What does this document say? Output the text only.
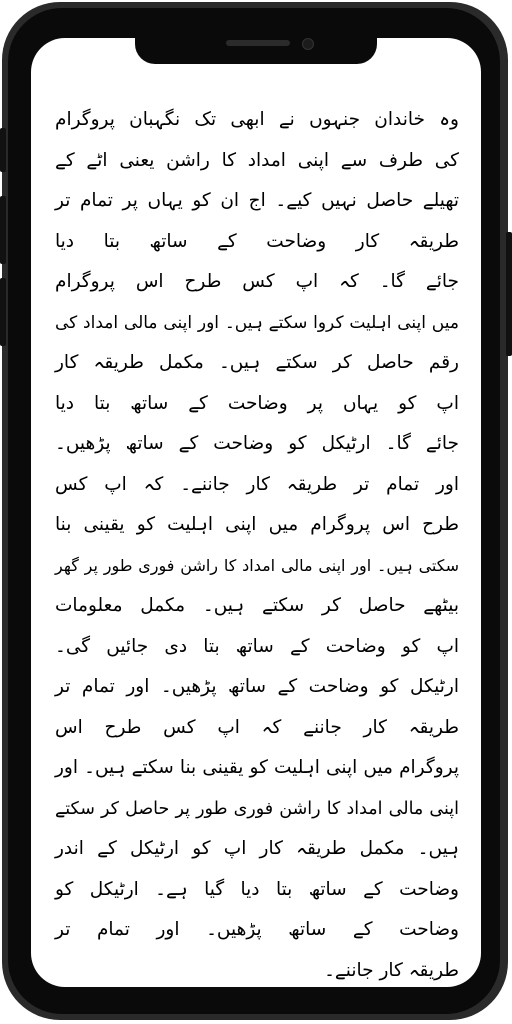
وہ خاندان جنہوں نے ابھی تک نگہبان پروگرام
کی طرف سے اپنی امداد کا راشن یعنی اٹے کے
تھیلے حاصل نہیں کیے۔ اج ان کو یہاں پر تمام تر
طریقہ کار وضاحت کے ساتھ بتا دیا
جائے گا۔ کہ اپ کس طرح اس پروگرام
میں اپنی اہلیت کروا سکتے ہیں۔ اور اپنی مالی امداد کی
رقم حاصل کر سکتے ہیں۔ مکمل طریقہ کار
اپ کو یہاں پر وضاحت کے ساتھ بتا دیا
جائے گا۔ ارٹیکل کو وضاحت کے ساتھ پڑھیں۔
اور تمام تر طریقہ کار جاننے۔ کہ اپ کس
طرح اس پروگرام میں اپنی اہلیت کو یقینی بنا
سکتی ہیں۔ اور اپنی مالی امداد کا راشن فوری طور پر گھر
بیٹھے حاصل کر سکتے ہیں۔ مکمل معلومات
اپ کو وضاحت کے ساتھ بتا دی جائیں گی۔
ارٹیکل کو وضاحت کے ساتھ پڑھیں۔ اور تمام تر
طریقہ کار جاننے کہ اپ کس طرح اس
پروگرام میں اپنی اہلیت کو یقینی بنا سکتے ہیں۔ اور
اپنی مالی امداد کا راشن فوری طور پر حاصل کر سکتے
ہیں۔ مکمل طریقہ کار اپ کو ارٹیکل کے اندر
وضاحت کے ساتھ بتا دیا گیا ہے۔ ارٹیکل کو
وضاحت کے ساتھ پڑھیں۔ اور تمام تر
طریقہ کار جاننے۔
